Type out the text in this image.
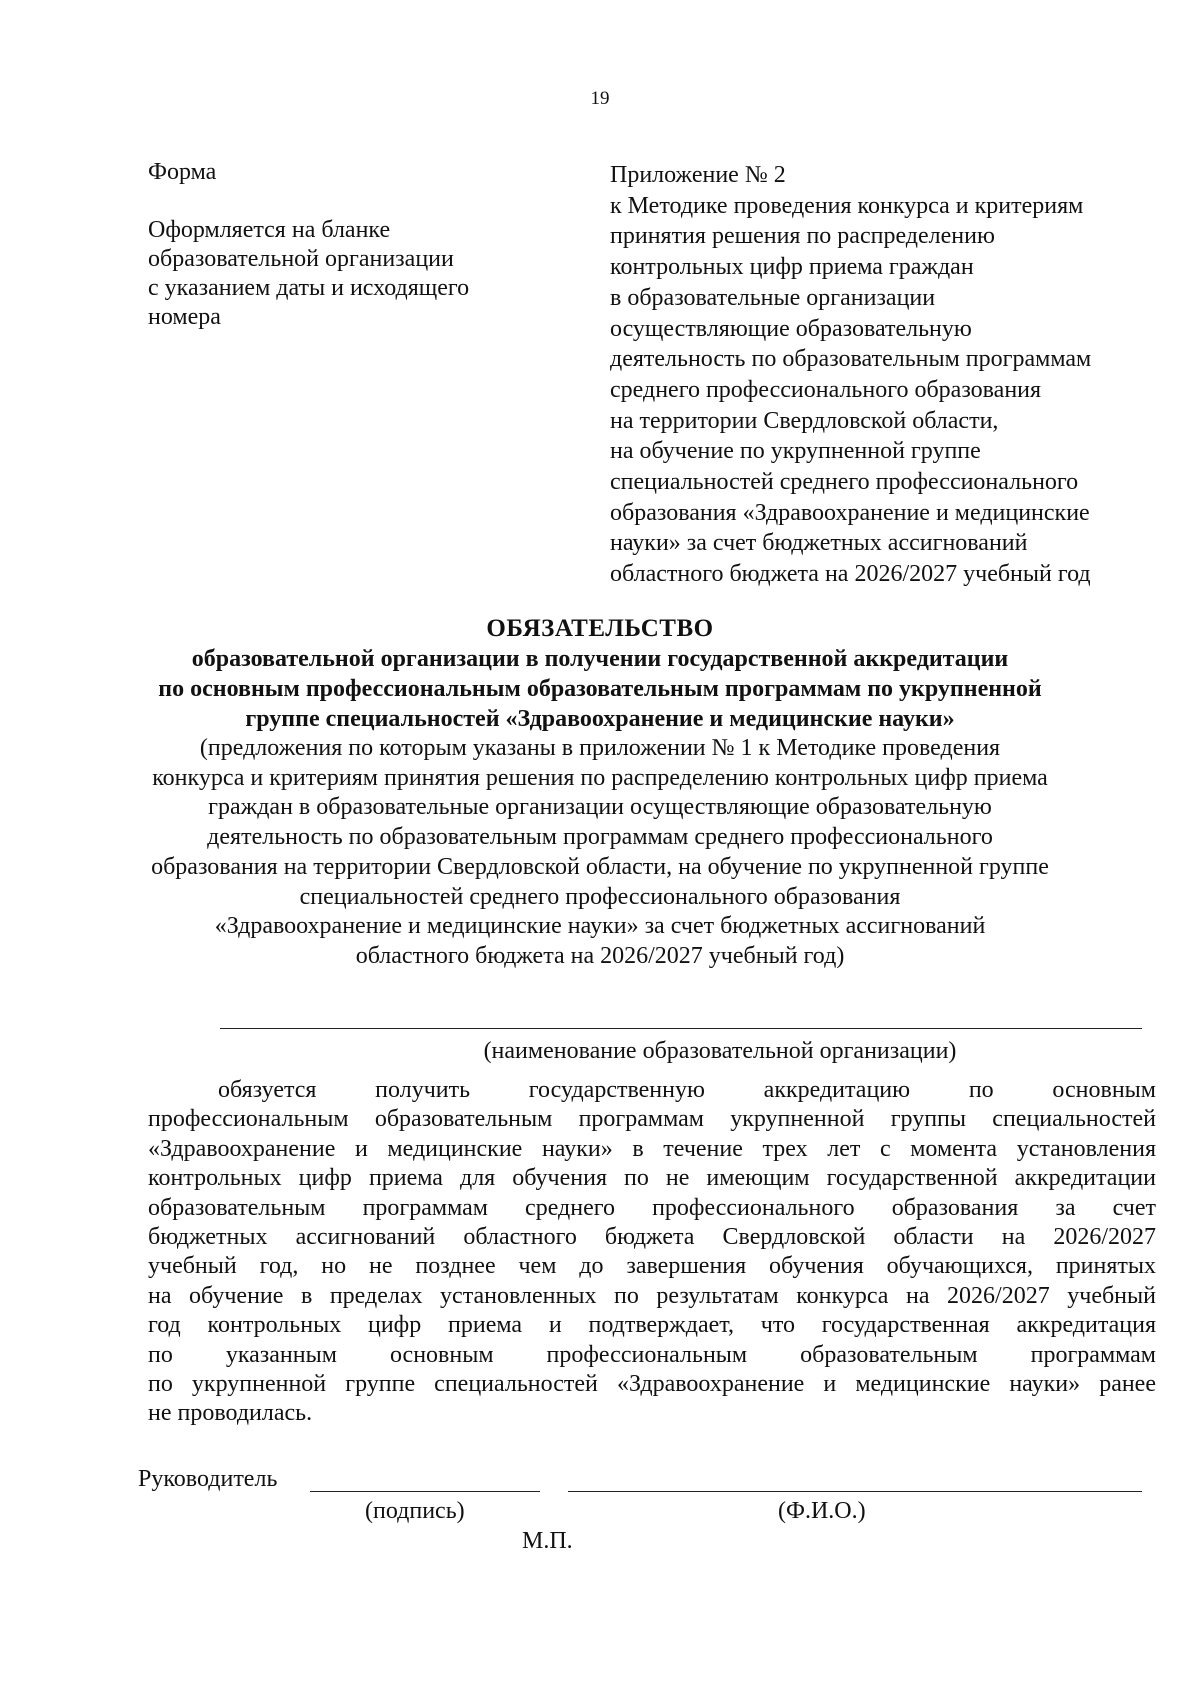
19
Форма
Оформляется на бланке
образовательной организации
с указанием даты и исходящего
номера
Приложение № 2
к Методике проведения конкурса и критериям
принятия решения по распределению
контрольных цифр приема граждан
в образовательные организации
осуществляющие образовательную
деятельность по образовательным программам
среднего профессионального образования
на территории Свердловской области,
на обучение по укрупненной группе
специальностей среднего профессионального
образования «Здравоохранение и медицинские
науки» за счет бюджетных ассигнований
областного бюджета на 2026/2027 учебный год
ОБЯЗАТЕЛЬСТВО
образовательной организации в получении государственной аккредитации
по основным профессиональным образовательным программам по укрупненной
группе специальностей «Здравоохранение и медицинские науки»
(предложения по которым указаны в приложении № 1 к Методике проведения
конкурса и критериям принятия решения по распределению контрольных цифр приема
граждан в образовательные организации осуществляющие образовательную
деятельность по образовательным программам среднего профессионального
образования на территории Свердловской области, на обучение по укрупненной группе
специальностей среднего профессионального образования
«Здравоохранение и медицинские науки» за счет бюджетных ассигнований
областного бюджета на 2026/2027 учебный год)
(наименование образовательной организации)
обязуется получить государственную аккредитацию по основным
профессиональным образовательным программам укрупненной группы специальностей
«Здравоохранение и медицинские науки» в течение трех лет с момента установления
контрольных цифр приема для обучения по не имеющим государственной аккредитации
образовательным программам среднего профессионального образования за счет
бюджетных ассигнований областного бюджета Свердловской области на 2026/2027
учебный год, но не позднее чем до завершения обучения обучающихся, принятых
на обучение в пределах установленных по результатам конкурса на 2026/2027 учебный
год контрольных цифр приема и подтверждает, что государственная аккредитация
по указанным основным профессиональным образовательным программам
по укрупненной группе специальностей «Здравоохранение и медицинские науки» ранее
не проводилась.
Руководитель
(подпись)	(Ф.И.О.)
М.П.
